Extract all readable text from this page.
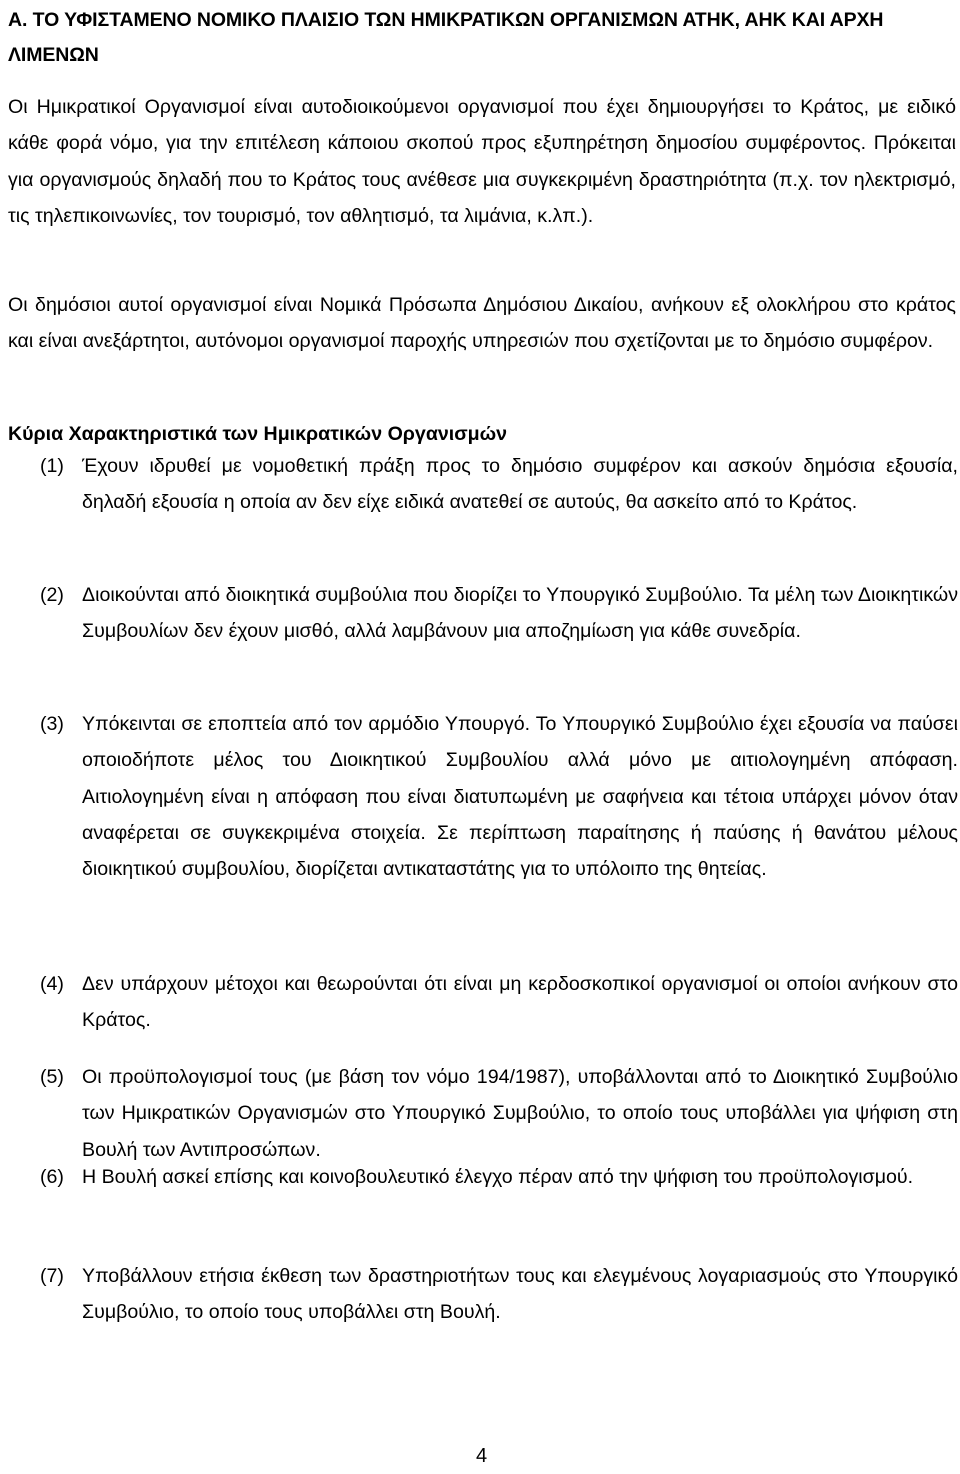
A. ΤΟ ΥΦΙΣΤΑΜΕΝΟ ΝΟΜΙΚΟ ΠΛΑΙΣΙΟ ΤΩΝ ΗΜΙΚΡΑΤΙΚΩΝ ΟΡΓΑΝΙΣΜΩΝ ΑΤΗΚ, ΑΗΚ ΚΑΙ ΑΡΧΗ ΛΙΜΕΝΩΝ

Οι Ημικρατικοί Οργανισμοί είναι αυτοδιοικούμενοι οργανισμοί που έχει δημιουργήσει το Κράτος, με ειδικό κάθε φορά νόμο, για την επιτέλεση κάποιου σκοπού προς εξυπηρέτηση δημοσίου συμφέροντος. Πρόκειται για οργανισμούς δηλαδή που το Κράτος τους ανέθεσε μια συγκεκριμένη δραστηριότητα (π.χ. τον ηλεκτρισμό, τις τηλεπικοινωνίες, τον τουρισμό, τον αθλητισμό, τα λιμάνια, κ.λπ.).

Οι δημόσιοι αυτοί οργανισμοί είναι Νομικά Πρόσωπα Δημόσιου Δικαίου, ανήκουν εξ ολοκλήρου στο κράτος και είναι ανεξάρτητοι, αυτόνομοι οργανισμοί παροχής υπηρεσιών που σχετίζονται με το δημόσιο συμφέρον.

Κύρια Χαρακτηριστικά των Ημικρατικών Οργανισμών
(1) Έχουν ιδρυθεί με νομοθετική πράξη προς το δημόσιο συμφέρον και ασκούν δημόσια εξουσία, δηλαδή εξουσία η οποία αν δεν είχε ειδικά ανατεθεί σε αυτούς, θα ασκείτο από το Κράτος.
(2) Διοικούνται από διοικητικά συμβούλια που διορίζει το Υπουργικό Συμβούλιο. Τα μέλη των Διοικητικών Συμβουλίων δεν έχουν μισθό, αλλά λαμβάνουν μια αποζημίωση για κάθε συνεδρία.
(3) Υπόκεινται σε εποπτεία από τον αρμόδιο Υπουργό. Το Υπουργικό Συμβούλιο έχει εξουσία να παύσει οποιοδήποτε μέλος του Διοικητικού Συμβουλίου αλλά μόνο με αιτιολογημένη απόφαση. Αιτιολογημένη είναι η απόφαση που είναι διατυπωμένη με σαφήνεια και τέτοια υπάρχει μόνον όταν αναφέρεται σε συγκεκριμένα στοιχεία. Σε περίπτωση παραίτησης ή παύσης ή θανάτου μέλους διοικητικού συμβουλίου, διορίζεται αντικαταστάτης για το υπόλοιπο της θητείας.
(4) Δεν υπάρχουν μέτοχοι και θεωρούνται ότι είναι μη κερδοσκοπικοί οργανισμοί οι οποίοι ανήκουν στο Κράτος.
(5) Οι προϋπολογισμοί τους (με βάση τον νόμο 194/1987), υποβάλλονται από το Διοικητικό Συμβούλιο των Ημικρατικών Οργανισμών στο Υπουργικό Συμβούλιο, το οποίο τους υποβάλλει για ψήφιση στη Βουλή των Αντιπροσώπων.
(6) Η Βουλή ασκεί επίσης και κοινοβουλευτικό έλεγχο πέραν από την ψήφιση του προϋπολογισμού.
(7) Υποβάλλουν ετήσια έκθεση των δραστηριοτήτων τους και ελεγμένους λογαριασμούς στο Υπουργικό Συμβούλιο, το οποίο τους υποβάλλει στη Βουλή.
4
